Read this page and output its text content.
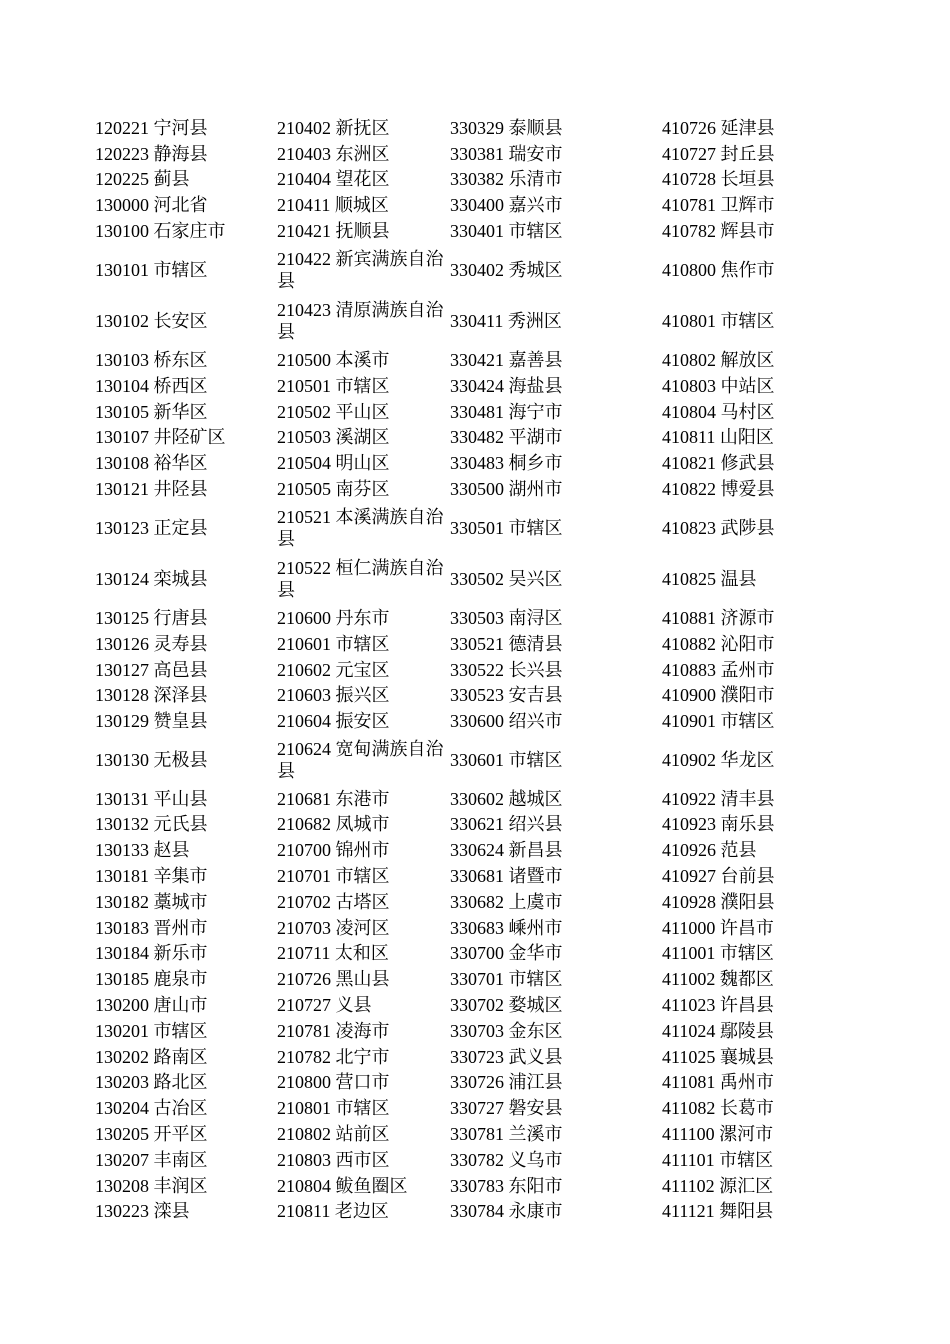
120221 宁河县	210402 新抚区	330329 泰顺县	410726 延津县
120223 静海县	210403 东洲区	330381 瑞安市	410727 封丘县
120225 蓟县	210404 望花区	330382 乐清市	410728 长垣县
130000 河北省	210411 顺城区	330400 嘉兴市	410781 卫辉市
130100 石家庄市	210421 抚顺县	330401 市辖区	410782 辉县市
130101 市辖区	210422 新宾满族自治县	330402 秀城区	410800 焦作市
130102 长安区	210423 清原满族自治县	330411 秀洲区	410801 市辖区
130103 桥东区	210500 本溪市	330421 嘉善县	410802 解放区
130104 桥西区	210501 市辖区	330424 海盐县	410803 中站区
130105 新华区	210502 平山区	330481 海宁市	410804 马村区
130107 井陉矿区	210503 溪湖区	330482 平湖市	410811 山阳区
130108 裕华区	210504 明山区	330483 桐乡市	410821 修武县
130121 井陉县	210505 南芬区	330500 湖州市	410822 博爱县
130123 正定县	210521 本溪满族自治县	330501 市辖区	410823 武陟县
130124 栾城县	210522 桓仁满族自治县	330502 吴兴区	410825 温县
130125 行唐县	210600 丹东市	330503 南浔区	410881 济源市
130126 灵寿县	210601 市辖区	330521 德清县	410882 沁阳市
130127 高邑县	210602 元宝区	330522 长兴县	410883 孟州市
130128 深泽县	210603 振兴区	330523 安吉县	410900 濮阳市
130129 赞皇县	210604 振安区	330600 绍兴市	410901 市辖区
130130 无极县	210624 宽甸满族自治县	330601 市辖区	410902 华龙区
130131 平山县	210681 东港市	330602 越城区	410922 清丰县
130132 元氏县	210682 凤城市	330621 绍兴县	410923 南乐县
130133 赵县	210700 锦州市	330624 新昌县	410926 范县
130181 辛集市	210701 市辖区	330681 诸暨市	410927 台前县
130182 藁城市	210702 古塔区	330682 上虞市	410928 濮阳县
130183 晋州市	210703 凌河区	330683 嵊州市	411000 许昌市
130184 新乐市	210711 太和区	330700 金华市	411001 市辖区
130185 鹿泉市	210726 黑山县	330701 市辖区	411002 魏都区
130200 唐山市	210727 义县	330702 婺城区	411023 许昌县
130201 市辖区	210781 凌海市	330703 金东区	411024 鄢陵县
130202 路南区	210782 北宁市	330723 武义县	411025 襄城县
130203 路北区	210800 营口市	330726 浦江县	411081 禹州市
130204 古冶区	210801 市辖区	330727 磐安县	411082 长葛市
130205 开平区	210802 站前区	330781 兰溪市	411100 漯河市
130207 丰南区	210803 西市区	330782 义乌市	411101 市辖区
130208 丰润区	210804 鲅鱼圈区	330783 东阳市	411102 源汇区
130223 滦县	210811 老边区	330784 永康市	411121 舞阳县
